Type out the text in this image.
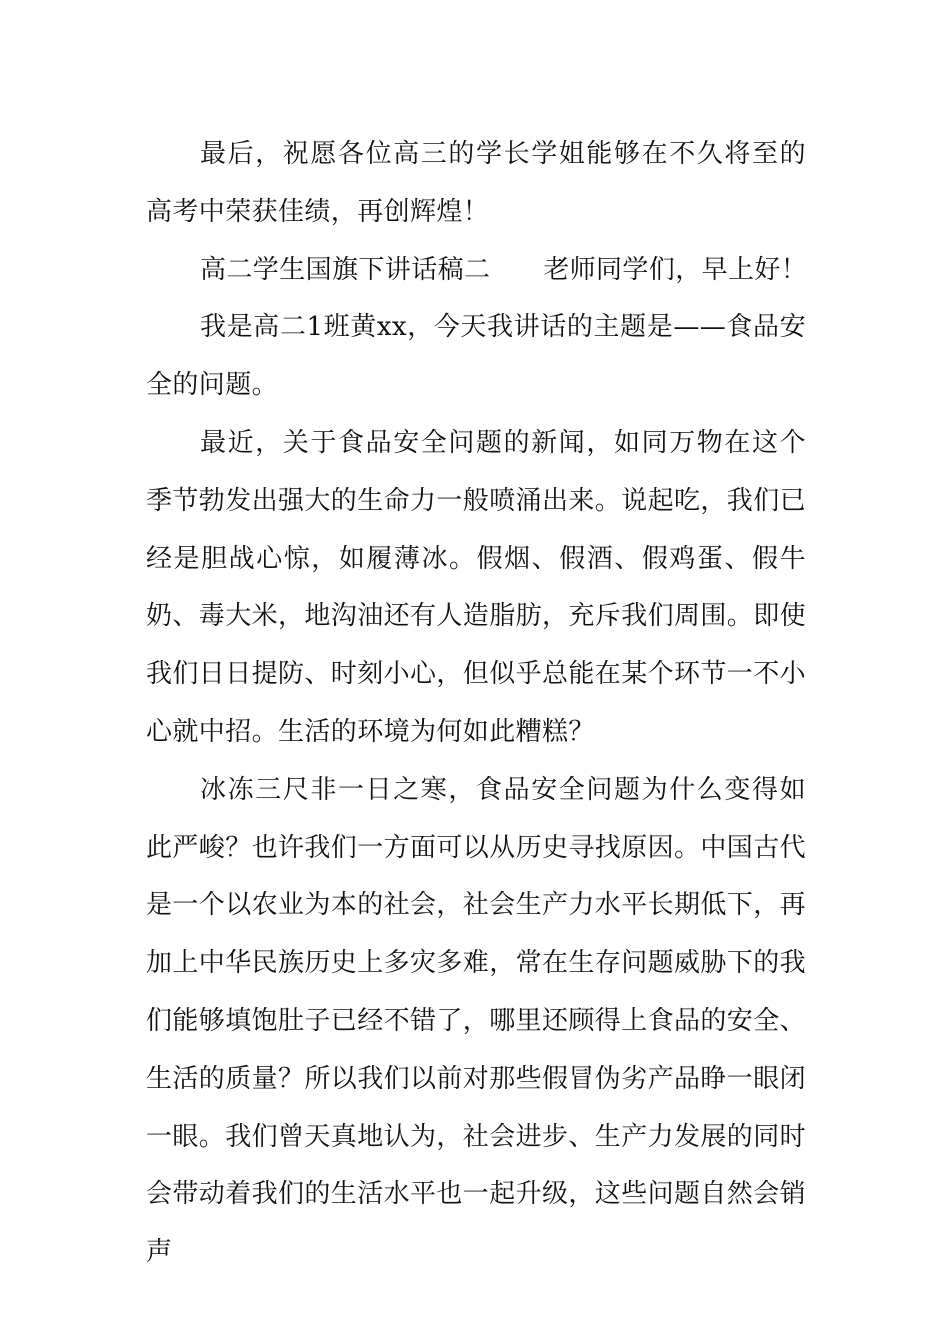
最后，祝愿各位高三的学长学姐能够在不久将至的高考中荣获佳绩，再创辉煌！

高二学生国旗下讲话稿二　　老师同学们，早上好！

我是高二1班黄xx，今天我讲话的主题是——食品安全的问题。

最近，关于食品安全问题的新闻，如同万物在这个季节勃发出强大的生命力一般喷涌出来。说起吃，我们已经是胆战心惊，如履薄冰。假烟、假酒、假鸡蛋、假牛奶、毒大米，地沟油还有人造脂肪，充斥我们周围。即使我们日日提防、时刻小心，但似乎总能在某个环节一不小心就中招。生活的环境为何如此糟糕？

冰冻三尺非一日之寒，食品安全问题为什么变得如此严峻？也许我们一方面可以从历史寻找原因。中国古代是一个以农业为本的社会，社会生产力水平长期低下，再加上中华民族历史上多灾多难，常在生存问题威胁下的我们能够填饱肚子已经不错了，哪里还顾得上食品的安全、生活的质量？所以我们以前对那些假冒伪劣产品睁一眼闭一眼。我们曾天真地认为，社会进步、生产力发展的同时会带动着我们的生活水平也一起升级，这些问题自然会销声
